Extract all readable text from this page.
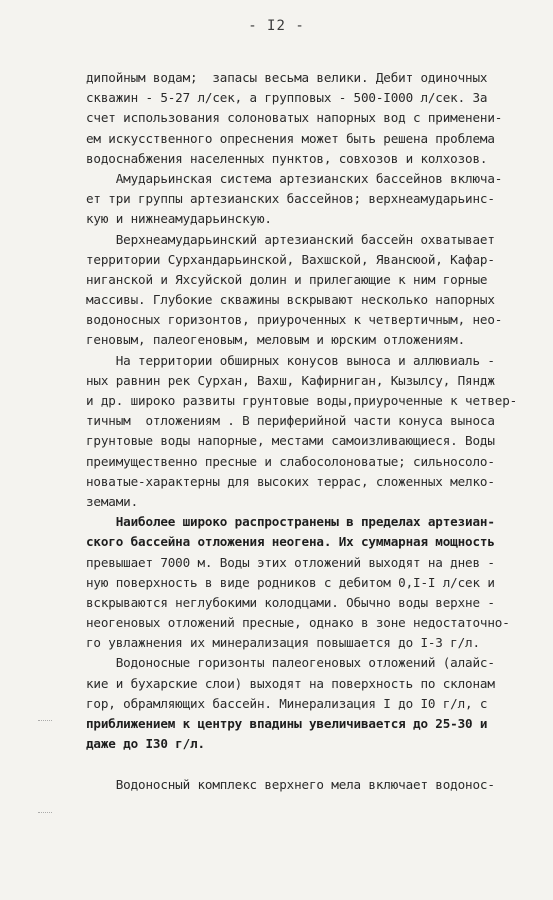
- I2 -
дипойным водам;  запасы весьма велики. Дебит одиночных
скважин - 5-27 л/сек, а групповых - 500-I000 л/сек. За
счет использования солоноватых напорных вод с применени-
ем искусственного опреснения может быть решена проблема
водоснабжения населенных пунктов, совхозов и колхозов.
Амударьинская система артезианских бассейнов включа-
ет три группы артезианских бассейнов; верхнеамударьинс-
кую и нижнеамударьинскую.
Верхнеамударьинский артезианский бассейн охватывает
территории Сурхандарьинской, Вахшской, Явансюой, Кафар-
ниганской и Яхсуйской долин и прилегающие к ним горные
массивы. Глубокие скважины вскрывают несколько напорных
водоносных горизонтов, приуроченных к четвертичным, нео-
геновым, палеогеновым, меловым и юрским отложениям.
На территории обширных конусов выноса и аллювиаль -
ных равнин рек Сурхан, Вахш, Кафирниган, Кызылсу, Пяндж
и др. широко развиты грунтовые воды,приуроченные к четвер-
тичным  отложениям . В периферийной части конуса выноса
грунтовые воды напорные, местами самоизливающиеся. Воды
преимущественно пресные и слабосолоноватые; сильносоло-
новатые-характерны для высоких террас, сложенных мелко-
земами.
Наиболее широко распространены в пределах артезиан-
ского бассейна отложения неогена. Их суммарная мощность
превышает 7000 м. Воды этих отложений выходят на днев -
ную поверхность в виде родников с дебитом 0,I-I л/сек и
вскрываются неглубокими колодцами. Обычно воды верхне -
неогеновых отложений пресные, однако в зоне недостаточно-
го увлажнения их минерализация повышается до I-3 г/л.
Водоносные горизонты палеогеновых отложений (алайс-
кие и бухарские слои) выходят на поверхность по склонам
гор, обрамляющих бассейн. Минерализация I до I0 г/л, с
приближением к центру впадины увеличивается до 25-30 и
даже до I30 г/л.
Водоносный комплекс верхнего мела включает водонос-
